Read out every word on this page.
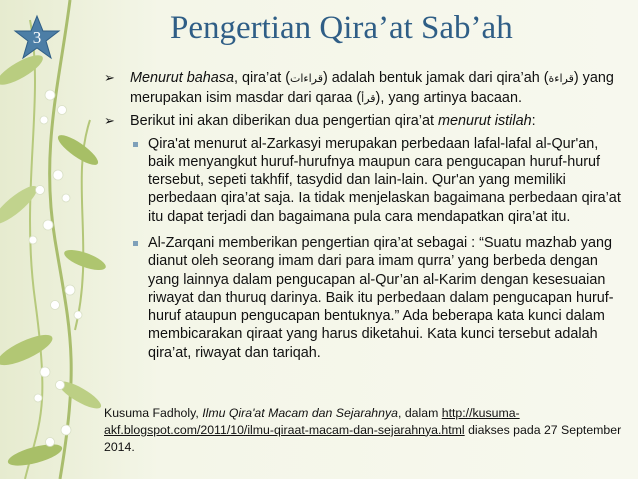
3	Pengertian Qira’at Sab’ah
➢	Menurut bahasa, qira’at (قراءات) adalah bentuk jamak dari qira’ah (قراءة) yang merupakan isim masdar dari qaraa (قرأ), yang artinya bacaan.
➢	Berikut ini akan diberikan dua pengertian qira’at menurut istilah:
Qira'at menurut al-Zarkasyi merupakan perbedaan lafal-lafal al-Qur'an, baik menyangkut huruf-hurufnya maupun cara pengucapan huruf-huruf tersebut, sepeti takhfif, tasydid dan lain-lain. Qur'an yang memiliki perbedaan qira’at saja. Ia tidak menjelaskan bagaimana perbedaan qira’at itu dapat terjadi dan bagaimana pula cara mendapatkan qira’at itu.
Al-Zarqani memberikan pengertian qira’at sebagai : “Suatu mazhab yang dianut oleh seorang imam dari para imam qurra’ yang berbeda dengan yang lainnya dalam pengucapan al-Qur’an al-Karim dengan kesesuaian riwayat dan thuruq darinya. Baik itu perbedaan dalam pengucapan huruf-huruf ataupun pengucapan bentuknya.” Ada beberapa kata kunci dalam membicarakan qiraat yang harus diketahui. Kata kunci tersebut adalah qira’at, riwayat dan tariqah.
Kusuma Fadholy, Ilmu Qira'at Macam dan Sejarahnya, dalam http://kusuma-akf.blogspot.com/2011/10/ilmu-qiraat-macam-dan-sejarahnya.html diakses pada 27 September 2014.
